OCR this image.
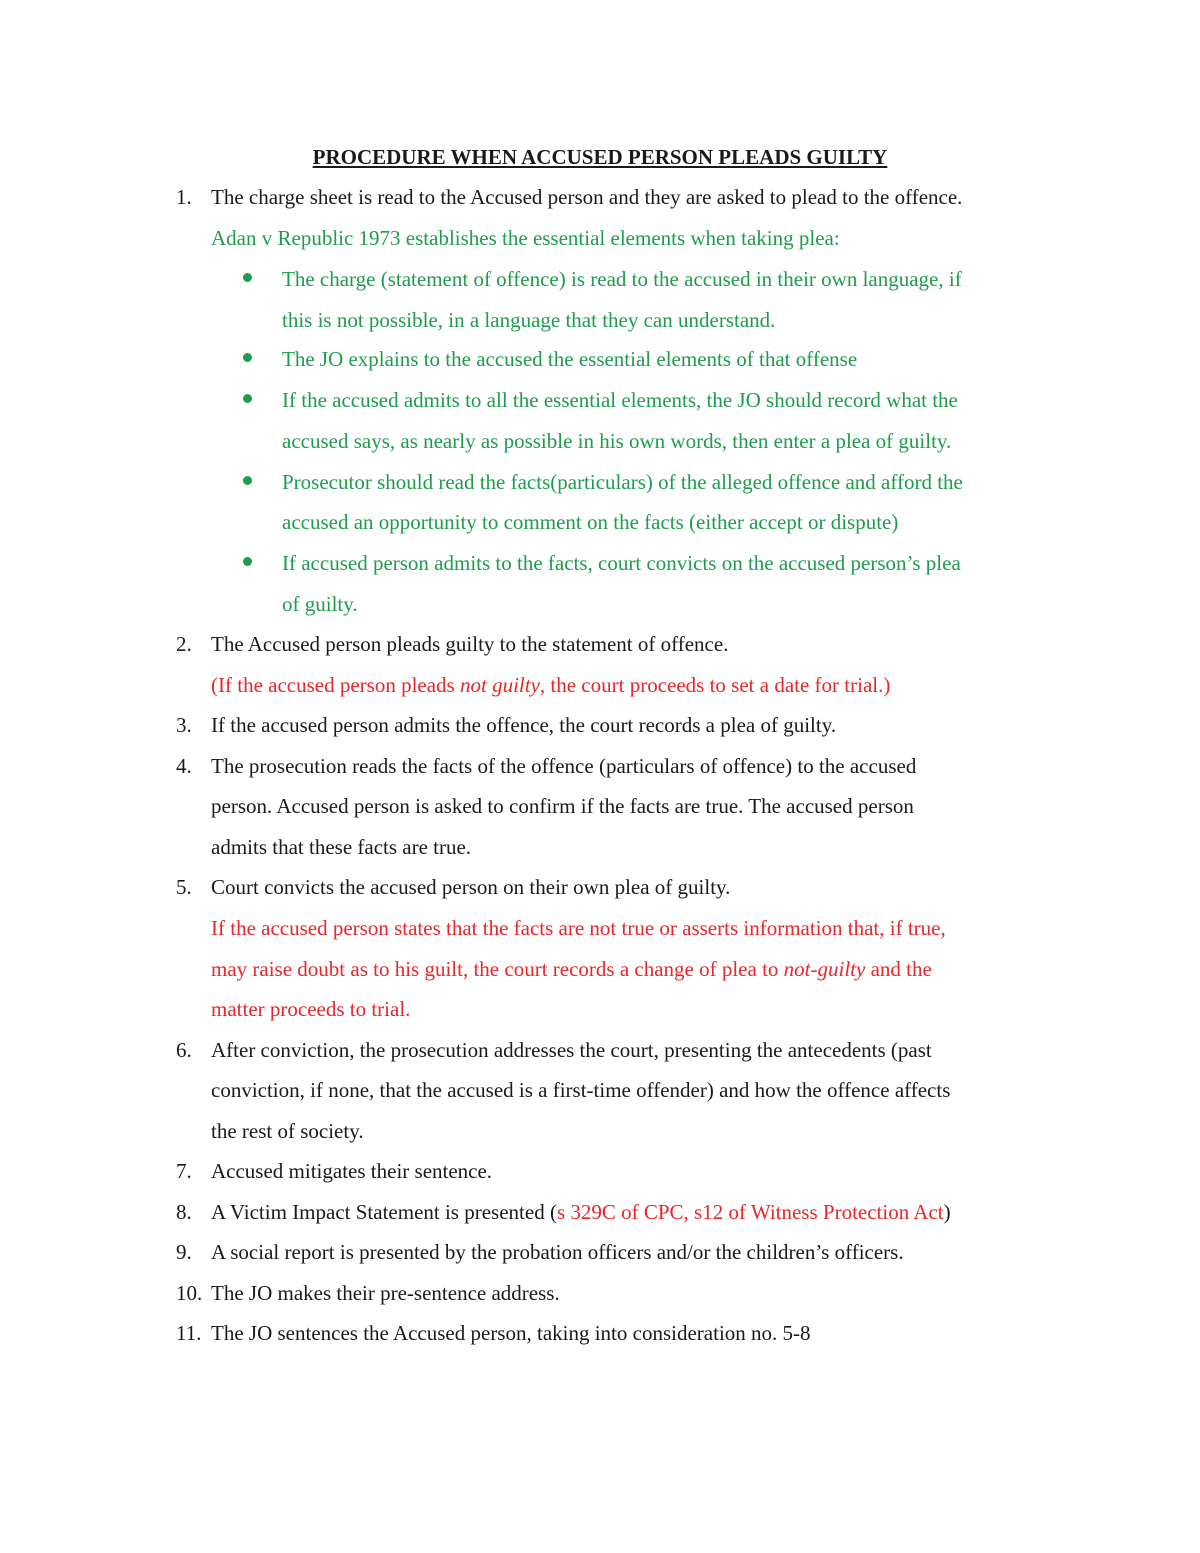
PROCEDURE WHEN ACCUSED PERSON PLEADS GUILTY
1. The charge sheet is read to the Accused person and they are asked to plead to the offence.
Adan v Republic 1973 establishes the essential elements when taking plea:
The charge (statement of offence) is read to the accused in their own language, if
this is not possible, in a language that they can understand.
The JO explains to the accused the essential elements of that offense
If the accused admits to all the essential elements, the JO should record what the
accused says, as nearly as possible in his own words, then enter a plea of guilty.
Prosecutor should read the facts(particulars) of the alleged offence and afford the
accused an opportunity to comment on the facts (either accept or dispute)
If accused person admits to the facts, court convicts on the accused person’s plea
of guilty.
2. The Accused person pleads guilty to the statement of offence.
(If the accused person pleads not guilty, the court proceeds to set a date for trial.)
3. If the accused person admits the offence, the court records a plea of guilty.
4. The prosecution reads the facts of the offence (particulars of offence) to the accused
person. Accused person is asked to confirm if the facts are true. The accused person
admits that these facts are true.
5. Court convicts the accused person on their own plea of guilty.
If the accused person states that the facts are not true or asserts information that, if true,
may raise doubt as to his guilt, the court records a change of plea to not-guilty and the
matter proceeds to trial.
6. After conviction, the prosecution addresses the court, presenting the antecedents (past
conviction, if none, that the accused is a first-time offender) and how the offence affects
the rest of society.
7. Accused mitigates their sentence.
8. A Victim Impact Statement is presented (s 329C of CPC, s12 of Witness Protection Act)
9. A social report is presented by the probation officers and/or the children’s officers.
10. The JO makes their pre-sentence address.
11. The JO sentences the Accused person, taking into consideration no. 5-8
